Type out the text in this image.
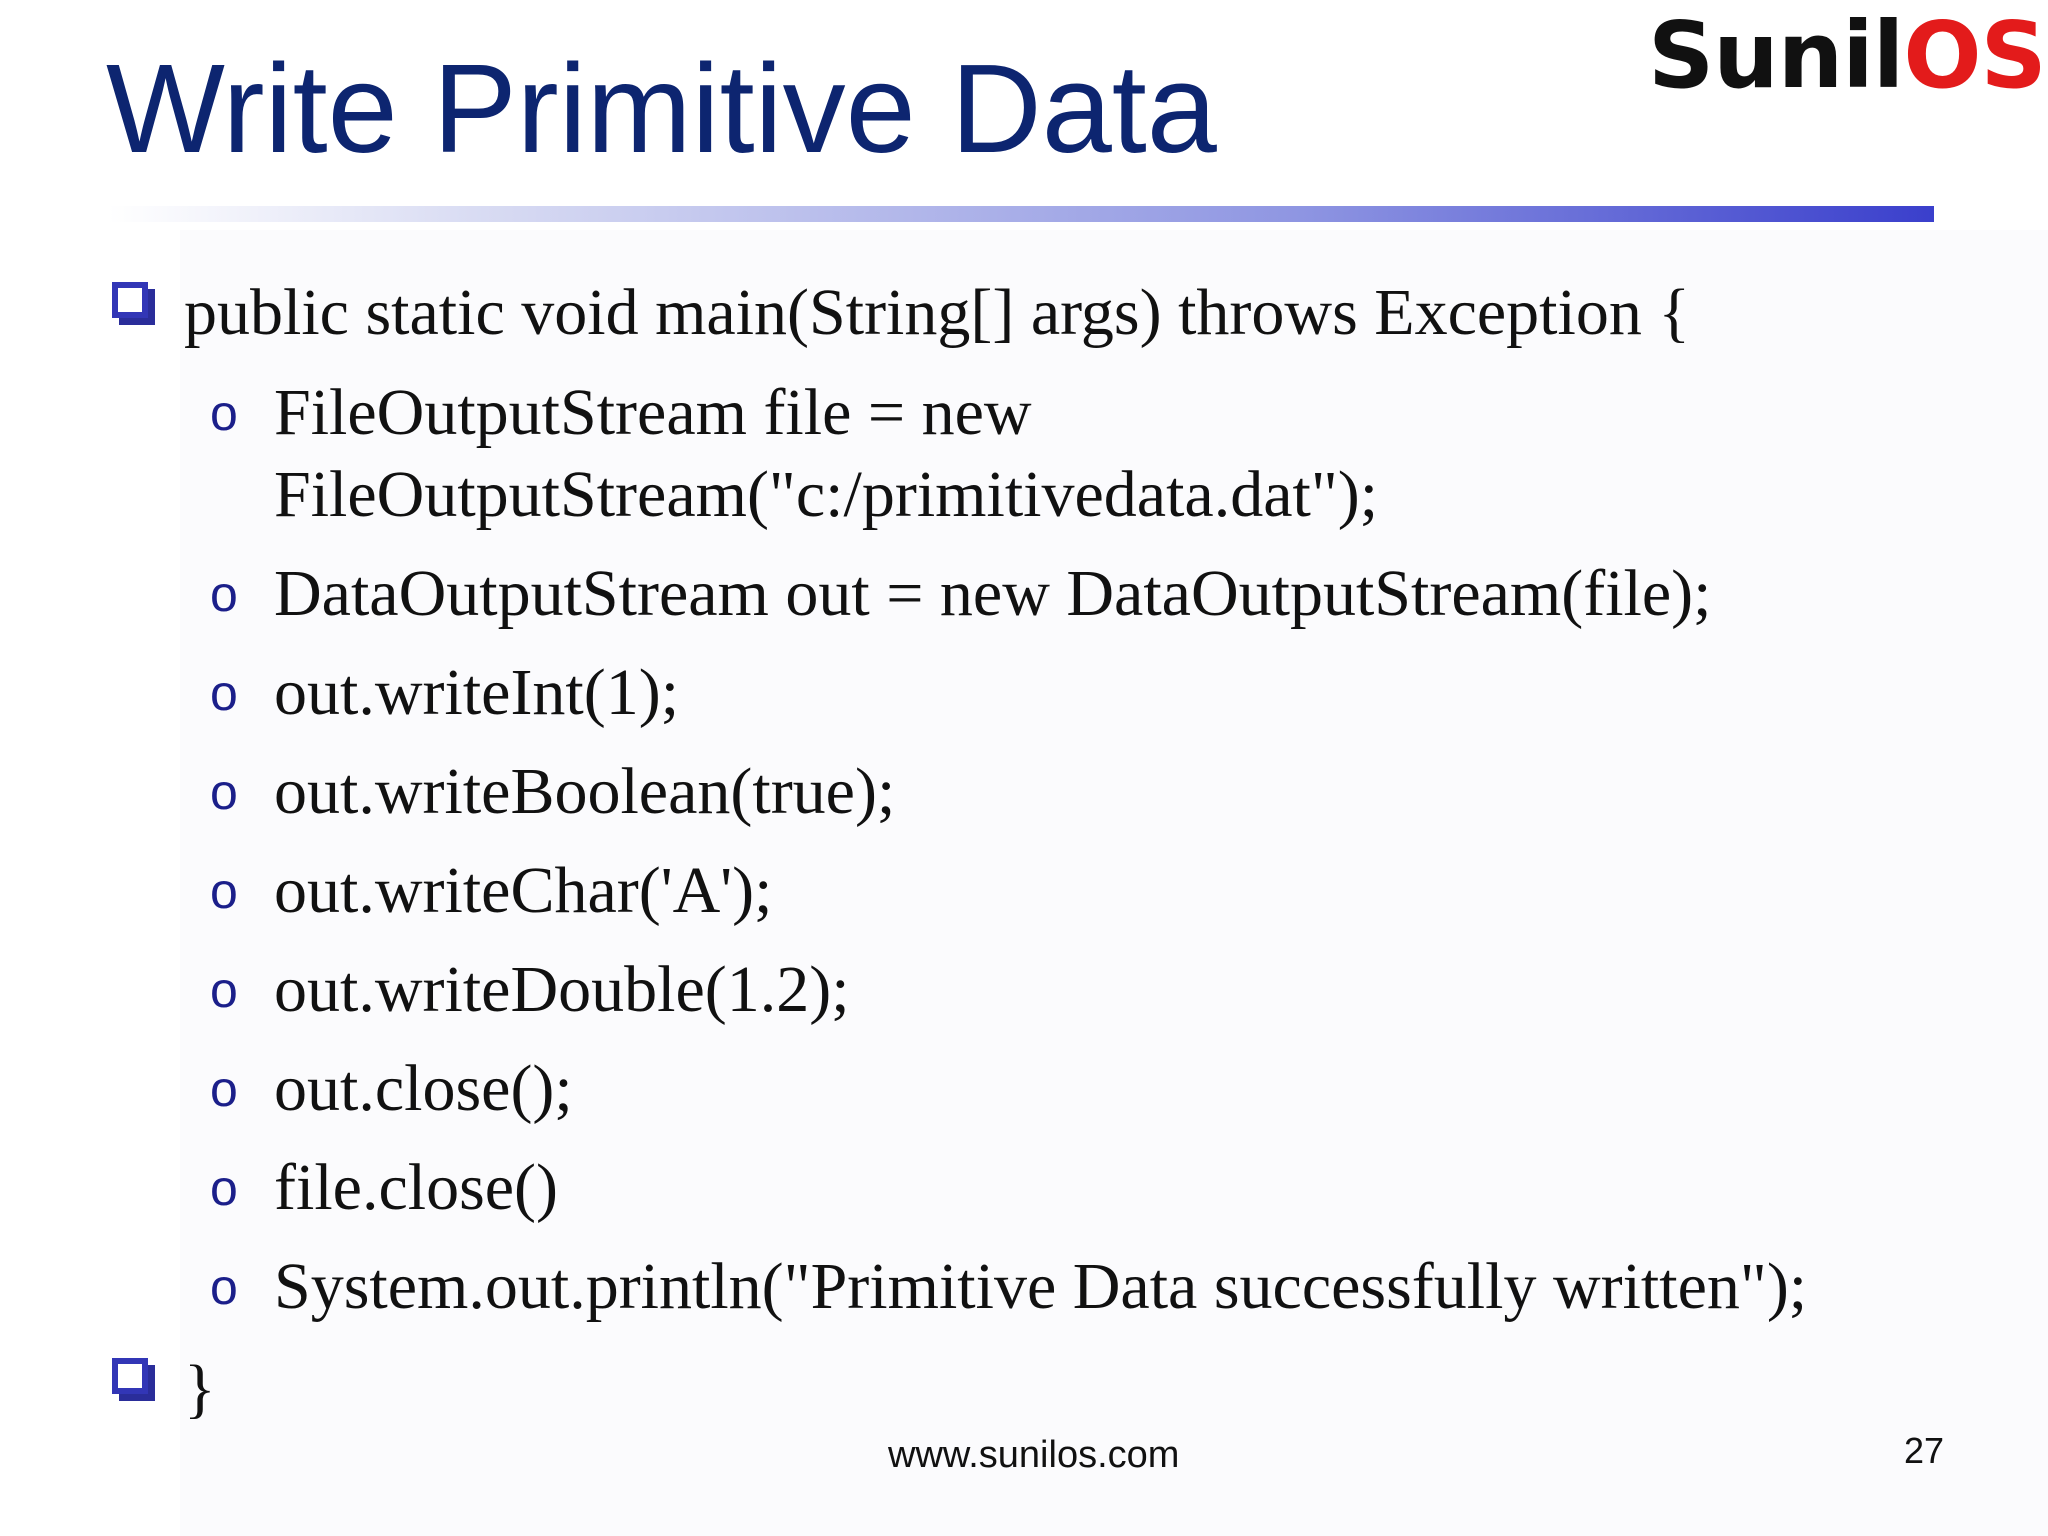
SunilOS
Write Primitive Data
public static void main(String[] args) throws Exception {
o FileOutputStream file = new
FileOutputStream("c:/primitivedata.dat");
o DataOutputStream out = new DataOutputStream(file);
o out.writeInt(1);
o out.writeBoolean(true);
o out.writeChar('A');
o out.writeDouble(1.2);
o out.close();
o file.close()
o System.out.println("Primitive Data successfully written");
}
www.sunilos.com	27
